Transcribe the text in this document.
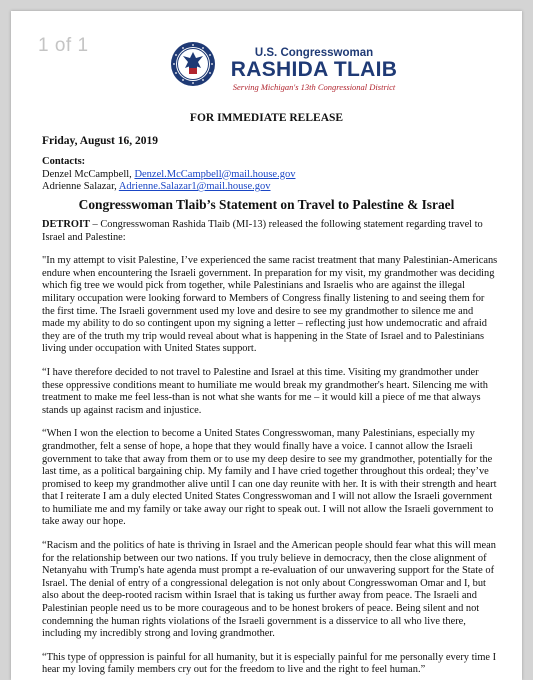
1 of 1	U.S. Congresswoman
RASHIDA TLAIB
Serving Michigan's 13th Congressional District
FOR IMMEDIATE RELEASE
Friday, August 16, 2019
Contacts:
Denzel McCampbell, Denzel.McCampbell@mail.house.gov
Adrienne Salazar, Adrienne.Salazar1@mail.house.gov
Congresswoman Tlaib’s Statement on Travel to Palestine & Israel

DETROIT – Congresswoman Rashida Tlaib (MI-13) released the following statement regarding travel to Israel and Palestine:

"In my attempt to visit Palestine, I’ve experienced the same racist treatment that many Palestinian-Americans endure when encountering the Israeli government. In preparation for my visit, my grandmother was deciding which fig tree we would pick from together, while Palestinians and Israelis who are against the illegal military occupation were looking forward to Members of Congress finally listening to and seeing them for the first time. The Israeli government used my love and desire to see my grandmother to silence me and made my ability to do so contingent upon my signing a letter – reflecting just how undemocratic and afraid they are of the truth my trip would reveal about what is happening in the State of Israel and to Palestinians living under occupation with United States support.

“I have therefore decided to not travel to Palestine and Israel at this time. Visiting my grandmother under these oppressive conditions meant to humiliate me would break my grandmother's heart. Silencing me with treatment to make me feel less-than is not what she wants for me – it would kill a piece of me that always stands up against racism and injustice.

“When I won the election to become a United States Congresswoman, many Palestinians, especially my grandmother, felt a sense of hope, a hope that they would finally have a voice. I cannot allow the Israeli government to take that away from them or to use my deep desire to see my grandmother, potentially for the last time, as a political bargaining chip. My family and I have cried together throughout this ordeal; they’ve promised to keep my grandmother alive until I can one day reunite with her. It is with their strength and heart that I reiterate I am a duly elected United States Congresswoman and I will not allow the Israeli government to humiliate me and my family or take away our right to speak out. I will not allow the Israeli government to take away our hope.

“Racism and the politics of hate is thriving in Israel and the American people should fear what this will mean for the relationship between our two nations. If you truly believe in democracy, then the close alignment of Netanyahu with Trump's hate agenda must prompt a re-evaluation of our unwavering support for the State of Israel. The denial of entry of a congressional delegation is not only about Congresswoman Omar and I, but also about the deep-rooted racism within Israel that is taking us further away from peace. The Israeli and Palestinian people need us to be more courageous and to be honest brokers of peace. Being silent and not condemning the human rights violations of the Israeli government is a disservice to all who live there, including my incredibly strong and loving grandmother.

“This type of oppression is painful for all humanity, but it is especially painful for me personally every time I hear my loving family members cry out for the freedom to live and the right to feel human.”
